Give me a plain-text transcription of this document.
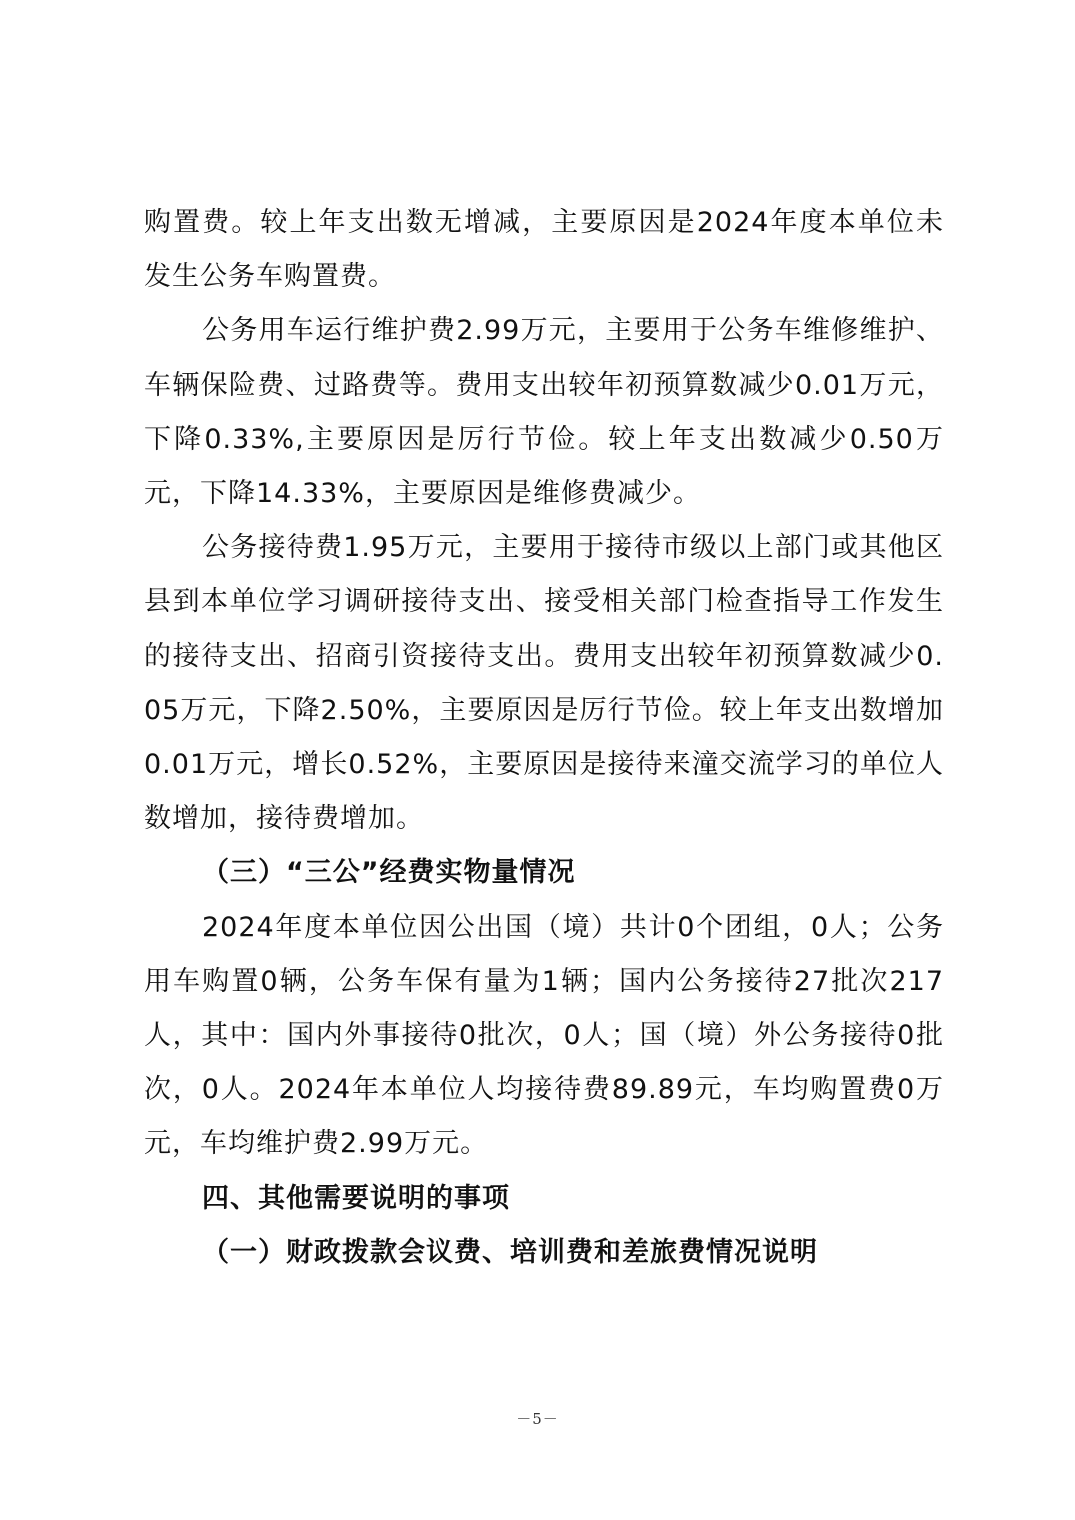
购置费。较上年支出数无增减，主要原因是2024年度本单位未发生公务车购置费。

公务用车运行维护费2.99万元，主要用于公务车维修维护、车辆保险费、过路费等。费用支出较年初预算数减少0.01万元，下降0.33%,主要原因是厉行节俭。较上年支出数减少0.50万元，下降14.33%，主要原因是维修费减少。

公务接待费1.95万元，主要用于接待市级以上部门或其他区县到本单位学习调研接待支出、接受相关部门检查指导工作发生的接待支出、招商引资接待支出。费用支出较年初预算数减少0.05万元，下降2.50%，主要原因是厉行节俭。较上年支出数增加0.01万元，增长0.52%，主要原因是接待来潼交流学习的单位人数增加，接待费增加。

（三）“三公”经费实物量情况

2024年度本单位因公出国（境）共计0个团组，0人；公务用车购置0辆，公务车保有量为1辆；国内公务接待27批次217人，其中：国内外事接待0批次，0人；国（境）外公务接待0批次，0人。2024年本单位人均接待费89.89元，车均购置费0万元，车均维护费2.99万元。

四、其他需要说明的事项

（一）财政拨款会议费、培训费和差旅费情况说明

－5－
